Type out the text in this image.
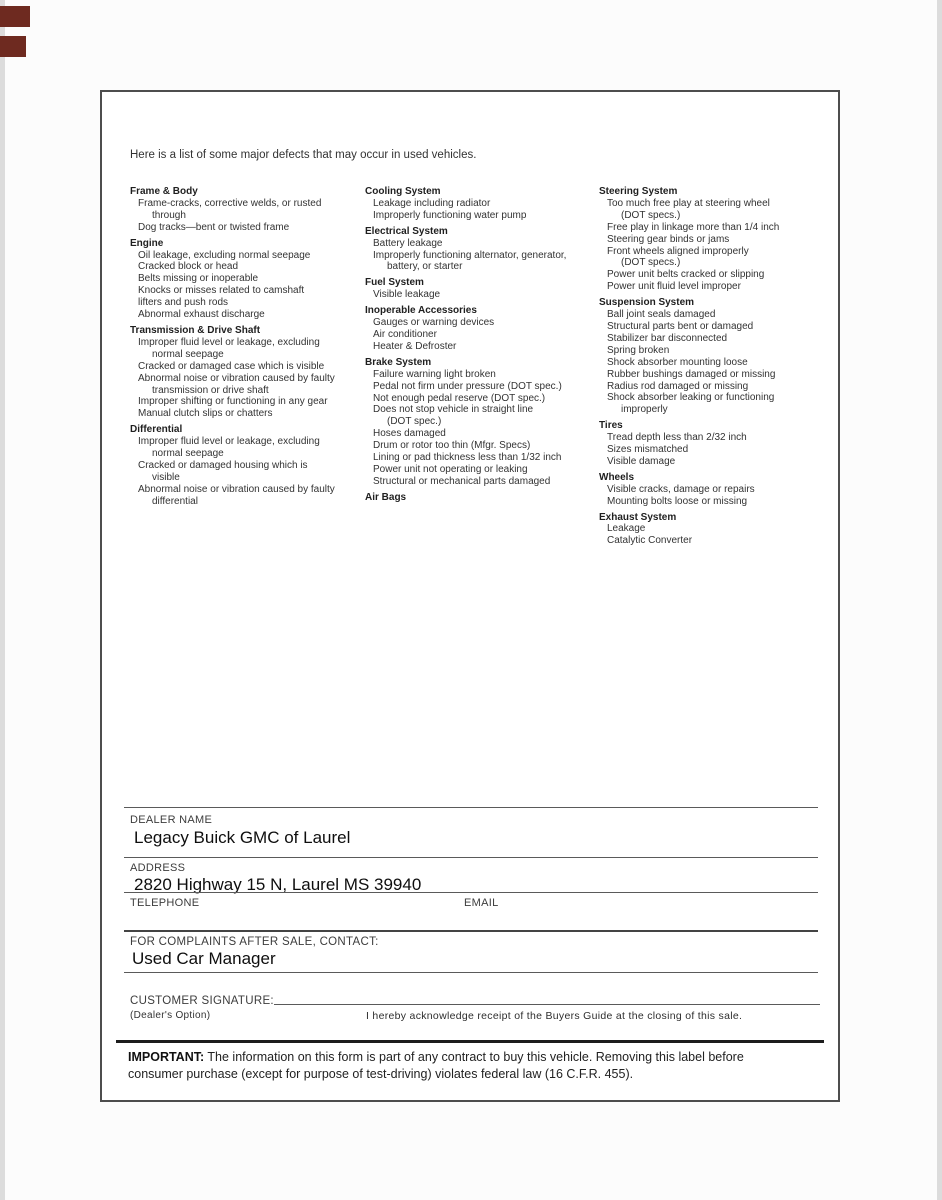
Here is a list of some major defects that may occur in used vehicles.
Frame & Body
Frame-cracks, corrective welds, or rusted
through
Dog tracks—bent or twisted frame
Engine
Oil leakage, excluding normal seepage
Cracked block or head
Belts missing or inoperable
Knocks or misses related to camshaft
lifters and push rods
Abnormal exhaust discharge
Transmission & Drive Shaft
Improper fluid level or leakage, excluding
normal seepage
Cracked or damaged case which is visible
Abnormal noise or vibration caused by faulty
transmission or drive shaft
Improper shifting or functioning in any gear
Manual clutch slips or chatters
Differential
Improper fluid level or leakage, excluding
normal seepage
Cracked or damaged housing which is
visible
Abnormal noise or vibration caused by faulty
differential
Cooling System
Leakage including radiator
Improperly functioning water pump
Electrical System
Battery leakage
Improperly functioning alternator, generator,
battery, or starter
Fuel System
Visible leakage
Inoperable Accessories
Gauges or warning devices
Air conditioner
Heater & Defroster
Brake System
Failure warning light broken
Pedal not firm under pressure (DOT spec.)
Not enough pedal reserve (DOT spec.)
Does not stop vehicle in straight line
(DOT spec.)
Hoses damaged
Drum or rotor too thin (Mfgr. Specs)
Lining or pad thickness less than 1/32 inch
Power unit not operating or leaking
Structural or mechanical parts damaged
Air Bags
Steering System
Too much free play at steering wheel
(DOT specs.)
Free play in linkage more than 1/4 inch
Steering gear binds or jams
Front wheels aligned improperly
(DOT specs.)
Power unit belts cracked or slipping
Power unit fluid level improper
Suspension System
Ball joint seals damaged
Structural parts bent or damaged
Stabilizer bar disconnected
Spring broken
Shock absorber mounting loose
Rubber bushings damaged or missing
Radius rod damaged or missing
Shock absorber leaking or functioning
improperly
Tires
Tread depth less than 2/32 inch
Sizes mismatched
Visible damage
Wheels
Visible cracks, damage or repairs
Mounting bolts loose or missing
Exhaust System
Leakage
Catalytic Converter
DEALER NAME
Legacy Buick GMC of Laurel
ADDRESS
2820 Highway 15 N, Laurel MS 39940
TELEPHONE	EMAIL
FOR COMPLAINTS AFTER SALE, CONTACT:
Used Car Manager
CUSTOMER SIGNATURE:
(Dealer's Option)	I hereby acknowledge receipt of the Buyers Guide at the closing of this sale.
IMPORTANT: The information on this form is part of any contract to buy this vehicle. Removing this label before
consumer purchase (except for purpose of test-driving) violates federal law (16 C.F.R. 455).
